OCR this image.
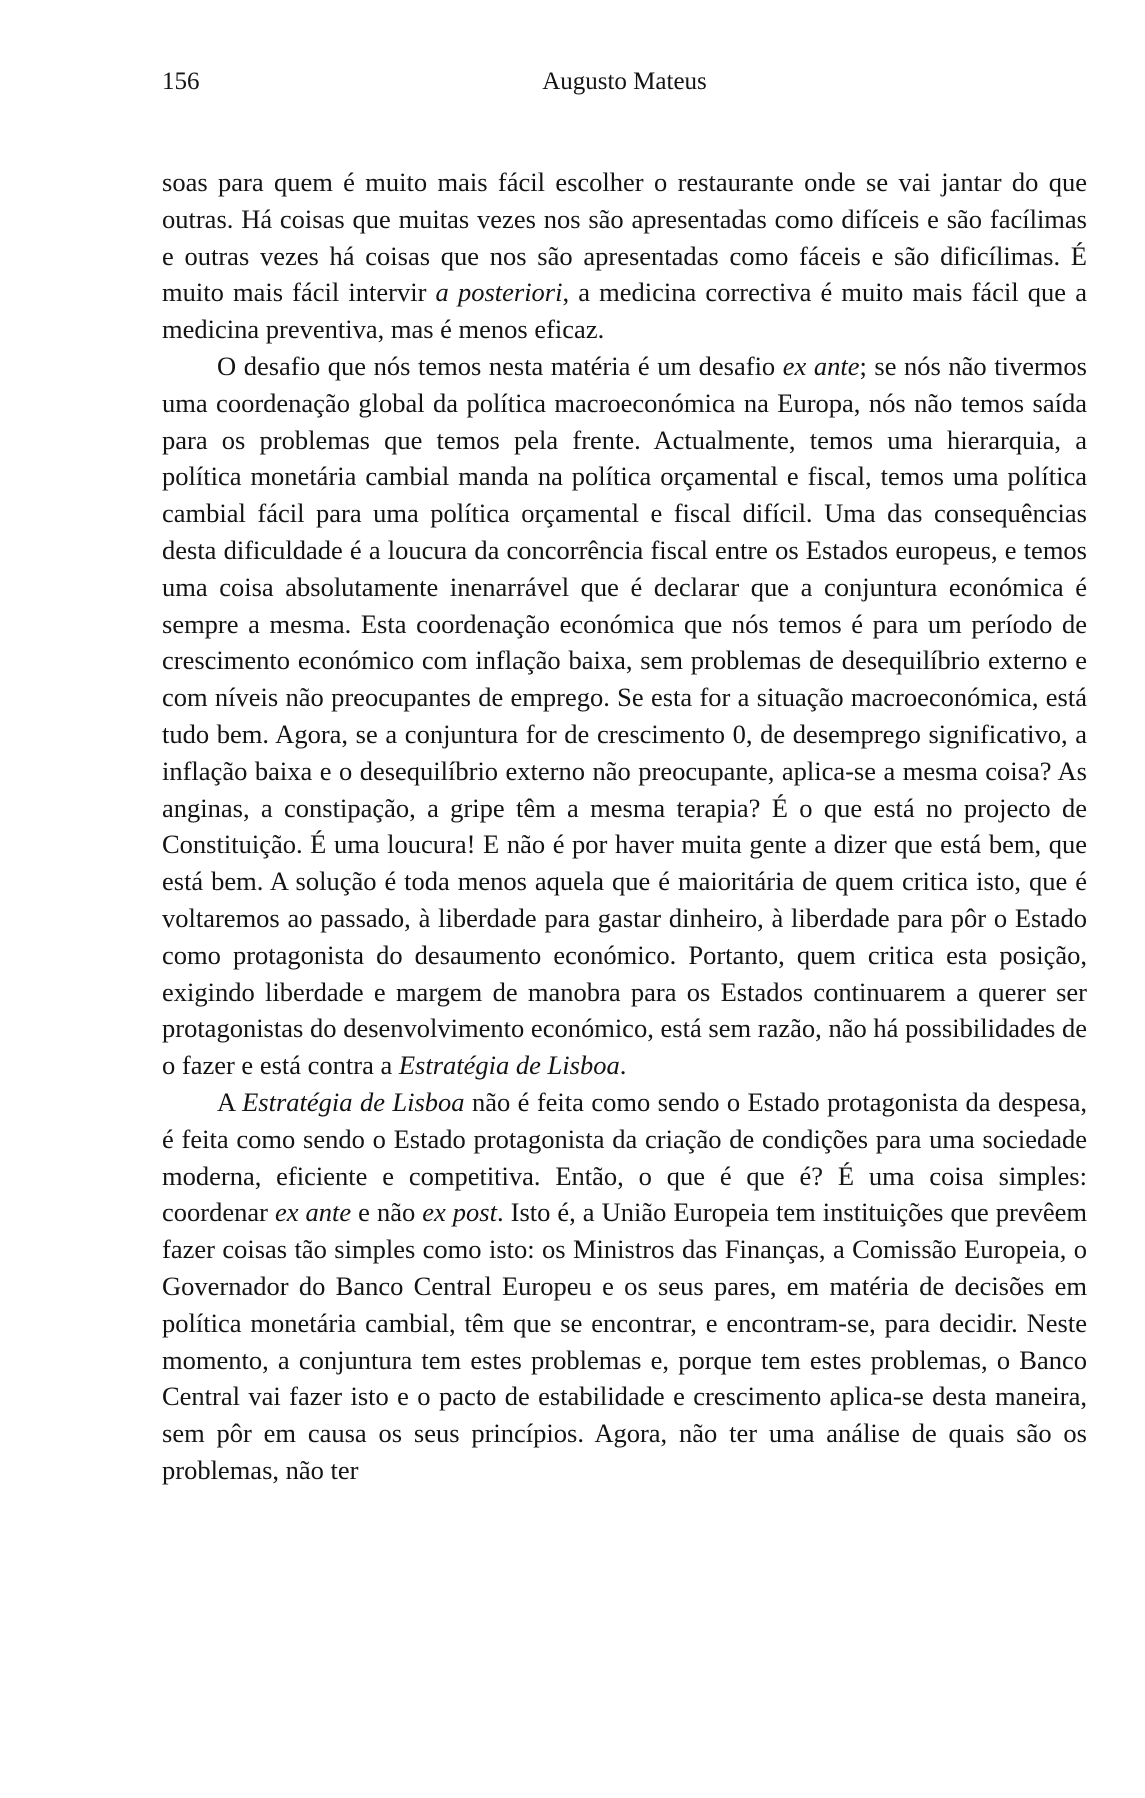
156	Augusto Mateus

soas para quem é muito mais fácil escolher o restaurante onde se vai jantar do que outras. Há coisas que muitas vezes nos são apresentadas como difíceis e são facílimas e outras vezes há coisas que nos são apresentadas como fáceis e são dificílimas. É muito mais fácil intervir a posteriori, a medicina correctiva é muito mais fácil que a medicina preventiva, mas é menos eficaz.

O desafio que nós temos nesta matéria é um desafio ex ante; se nós não tivermos uma coordenação global da política macroeconómica na Europa, nós não temos saída para os problemas que temos pela frente. Actualmente, temos uma hierarquia, a política monetária cambial manda na política orçamental e fiscal, temos uma política cambial fácil para uma política orçamental e fiscal difícil. Uma das consequências desta dificuldade é a loucura da concorrência fiscal entre os Estados europeus, e temos uma coisa absolutamente inenarrável que é declarar que a conjuntura económica é sempre a mesma. Esta coordenação económica que nós temos é para um período de crescimento económico com inflação baixa, sem problemas de desequilíbrio externo e com níveis não preocupantes de emprego. Se esta for a situação macroeconómica, está tudo bem. Agora, se a conjuntura for de crescimento 0, de desemprego significativo, a inflação baixa e o desequilíbrio externo não preocupante, aplica-se a mesma coisa? As anginas, a constipação, a gripe têm a mesma terapia? É o que está no projecto de Constituição. É uma loucura! E não é por haver muita gente a dizer que está bem, que está bem. A solução é toda menos aquela que é maioritária de quem critica isto, que é voltaremos ao passado, à liberdade para gastar dinheiro, à liberdade para pôr o Estado como protagonista do desaumento económico. Portanto, quem critica esta posição, exigindo liberdade e margem de manobra para os Estados continuarem a querer ser protagonistas do desenvolvimento económico, está sem razão, não há possibilidades de o fazer e está contra a Estratégia de Lisboa.

A Estratégia de Lisboa não é feita como sendo o Estado protagonista da despesa, é feita como sendo o Estado protagonista da criação de condições para uma sociedade moderna, eficiente e competitiva. Então, o que é que é? É uma coisa simples: coordenar ex ante e não ex post. Isto é, a União Europeia tem instituições que prevêem fazer coisas tão simples como isto: os Ministros das Finanças, a Comissão Europeia, o Governador do Banco Central Europeu e os seus pares, em matéria de decisões em política monetária cambial, têm que se encontrar, e encontram-se, para decidir. Neste momento, a conjuntura tem estes problemas e, porque tem estes problemas, o Banco Central vai fazer isto e o pacto de estabilidade e crescimento aplica-se desta maneira, sem pôr em causa os seus princípios. Agora, não ter uma análise de quais são os problemas, não ter
